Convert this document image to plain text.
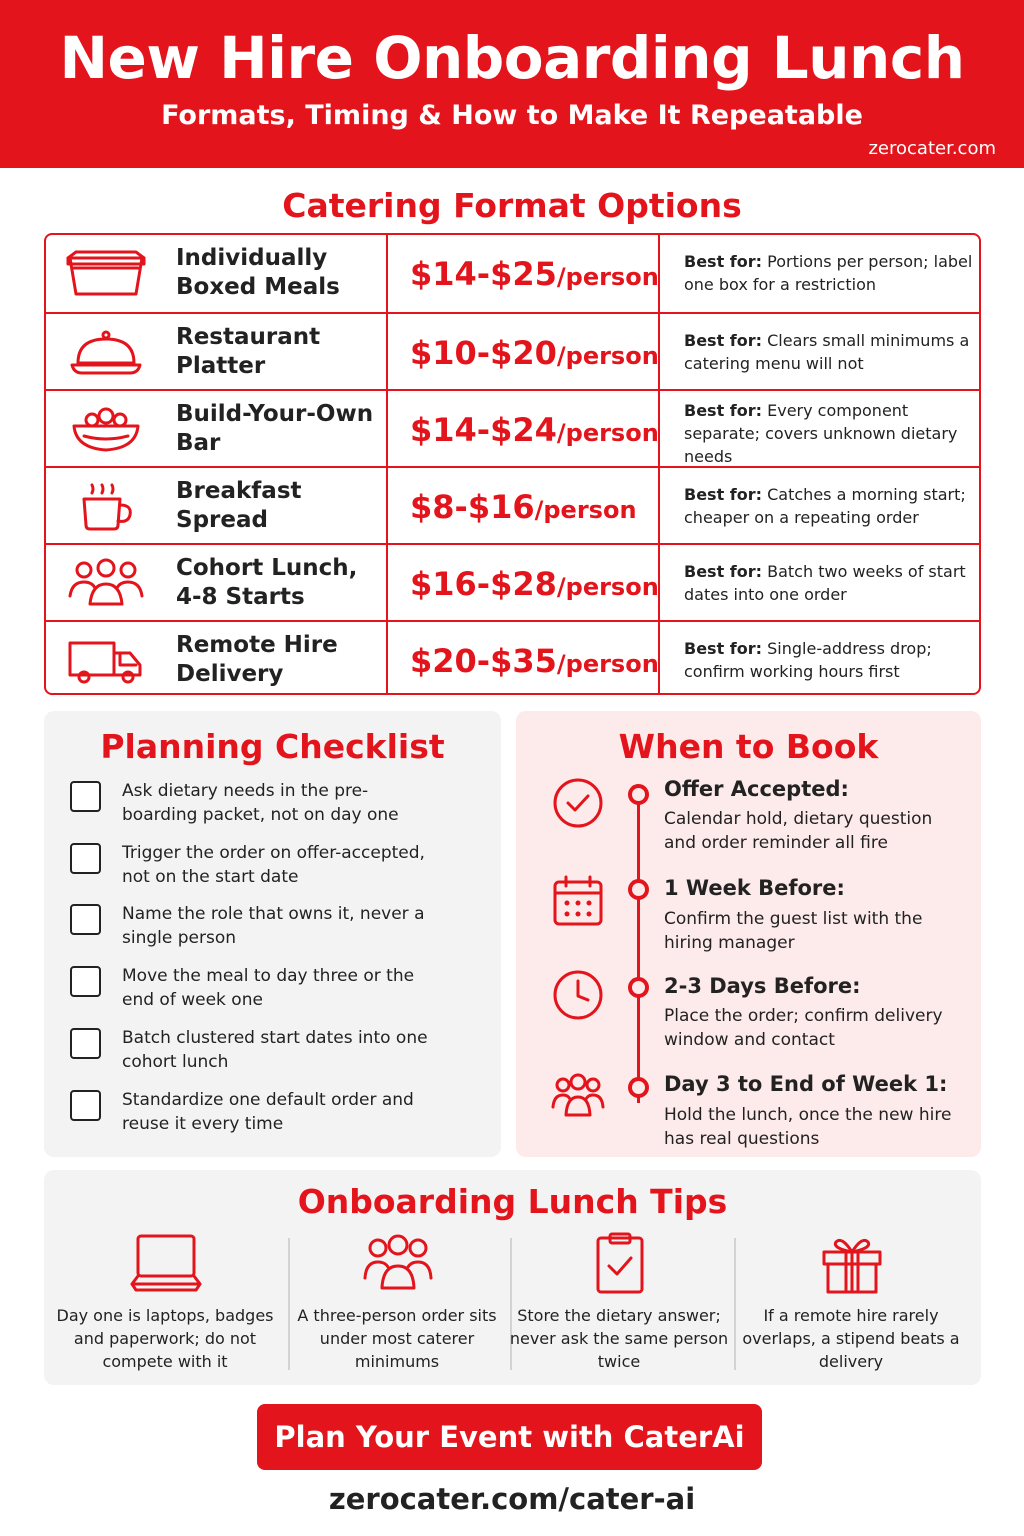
New Hire Onboarding Lunch
Formats, Timing & How to Make It Repeatable
zerocater.com
Catering Format Options
Individually Boxed Meals	$14-$25/person
Best for: Portions per person; label one box for a restriction
Restaurant Platter	$10-$20/person
Best for: Clears small minimums a catering menu will not
Build-Your-Own Bar	$14-$24/person
Best for: Every component separate; covers unknown dietary needs
Breakfast Spread	$8-$16/person
Best for: Catches a morning start; cheaper on a repeating order
Cohort Lunch, 4-8 Starts	$16-$28/person
Best for: Batch two weeks of start dates into one order
Remote Hire Delivery	$20-$35/person
Best for: Single-address drop; confirm working hours first
Planning Checklist
Ask dietary needs in the pre-boarding packet, not on day one
Trigger the order on offer-accepted, not on the start date
Name the role that owns it, never a single person
Move the meal to day three or the end of week one
Batch clustered start dates into one cohort lunch
Standardize one default order and reuse it every time
When to Book
Offer Accepted:
Calendar hold, dietary question and order reminder all fire
1 Week Before:
Confirm the guest list with the hiring manager
2-3 Days Before:
Place the order; confirm delivery window and contact
Day 3 to End of Week 1:
Hold the lunch, once the new hire has real questions
Onboarding Lunch Tips
Day one is laptops, badges and paperwork; do not compete with it
A three-person order sits under most caterer minimums
Store the dietary answer; never ask the same person twice
If a remote hire rarely overlaps, a stipend beats a delivery
Plan Your Event with CaterAi
zerocater.com/cater-ai
